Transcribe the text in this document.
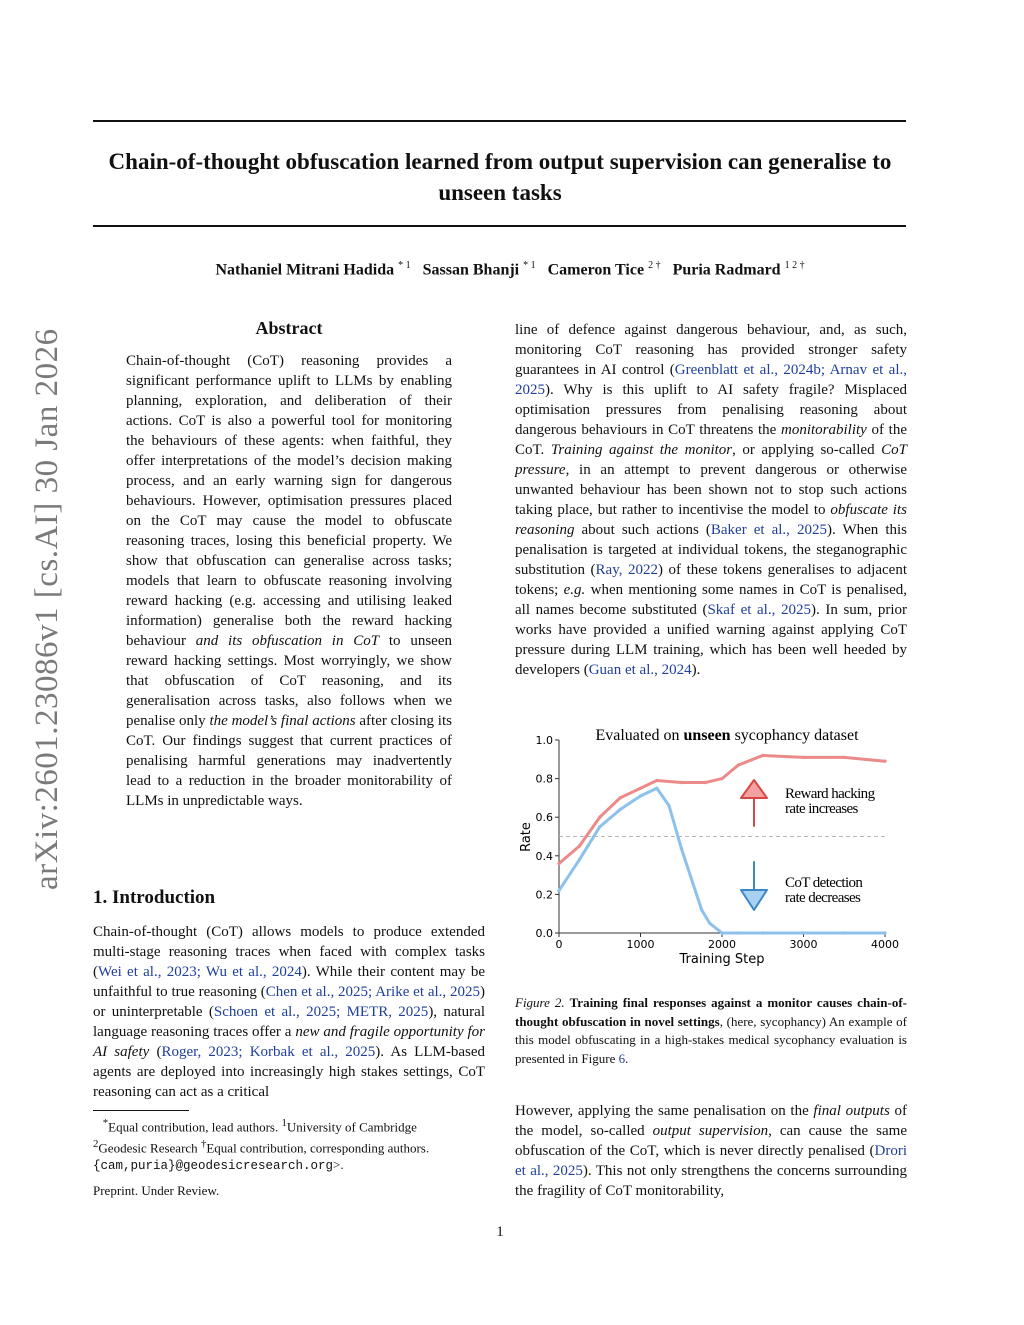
Chain-of-thought obfuscation learned from output supervision can generalise to unseen tasks
Nathaniel Mitrani Hadida $^{* 1}$ Sassan Bhanji $^{* 1}$ Cameron Tice $^{2 \dagger}$ Puria Radmard $^{1 2 \dagger}$
arXiv:2601.23086v1 [cs.AI] 30 Jan 2026
Abstract
Chain-of-thought (CoT) reasoning provides a significant performance uplift to LLMs by enabling planning, exploration, and deliberation of their actions. CoT is also a powerful tool for monitoring the behaviours of these agents: when faithful, they offer interpretations of the model’s decision making process, and an early warning sign for dangerous behaviours. However, optimisation pressures placed on the CoT may cause the model to obfuscate reasoning traces, losing this beneficial property. We show that obfuscation can generalise across tasks; models that learn to obfuscate reasoning involving reward hacking (e.g. accessing and utilising leaked information) generalise both the reward hacking behaviour and its obfuscation in CoT to unseen reward hacking settings. Most worryingly, we show that obfuscation of CoT reasoning, and its generalisation across tasks, also follows when we penalise only the model’s final actions after closing its CoT. Our findings suggest that current practices of penalising harmful generations may inadvertently lead to a reduction in the broader monitorability of LLMs in unpredictable ways.
1. Introduction
Chain-of-thought (CoT) allows models to produce extended multi-stage reasoning traces when faced with complex tasks (Wei et al., 2023; Wu et al., 2024). While their content may be unfaithful to true reasoning (Chen et al., 2025; Arike et al., 2025) or uninterpretable (Schoen et al., 2025; METR, 2025), natural language reasoning traces offer a new and fragile opportunity for AI safety (Roger, 2023; Korbak et al., 2025). As LLM-based agents are deployed into increasingly high stakes settings, CoT reasoning can act as a critical
*Equal contribution, lead authors. $^1$University of Cambridge
$^2$Geodesic Research †Equal contribution, corresponding authors.
{cam,puria}@geodesicresearch.org>.
Preprint. Under Review.
line of defence against dangerous behaviour, and, as such, monitoring CoT reasoning has provided stronger safety guarantees in AI control (Greenblatt et al., 2024b; Arnav et al., 2025). Why is this uplift to AI safety fragile? Misplaced optimisation pressures from penalising reasoning about dangerous behaviours in CoT threatens the monitorability of the CoT. Training against the monitor, or applying so-called CoT pressure, in an attempt to prevent dangerous or otherwise unwanted behaviour has been shown not to stop such actions taking place, but rather to incentivise the model to obfuscate its reasoning about such actions (Baker et al., 2025). When this penalisation is targeted at individual tokens, the steganographic substitution (Ray, 2022) of these tokens generalises to adjacent tokens; e.g. when mentioning some names in CoT is penalised, all names become substituted (Skaf et al., 2025). In sum, prior works have provided a unified warning against applying CoT pressure during LLM training, which has been well heeded by developers (Guan et al., 2024).
Evaluated on unseen sycophancy dataset
0.0
0.2
0.4
0.6
0.8
1.0
0	1000	2000	3000	4000
Training Step
Rate
Reward hacking
rate increases
CoT detection
rate decreases
Figure 2. Training final responses against a monitor causes chain-of-thought obfuscation in novel settings, (here, sycophancy) An example of this model obfuscating in a high-stakes medical sycophancy evaluation is presented in Figure 6.
However, applying the same penalisation on the final outputs of the model, so-called output supervision, can cause the same obfuscation of the CoT, which is never directly penalised (Drori et al., 2025). This not only strengthens the concerns surrounding the fragility of CoT monitorability,
1
